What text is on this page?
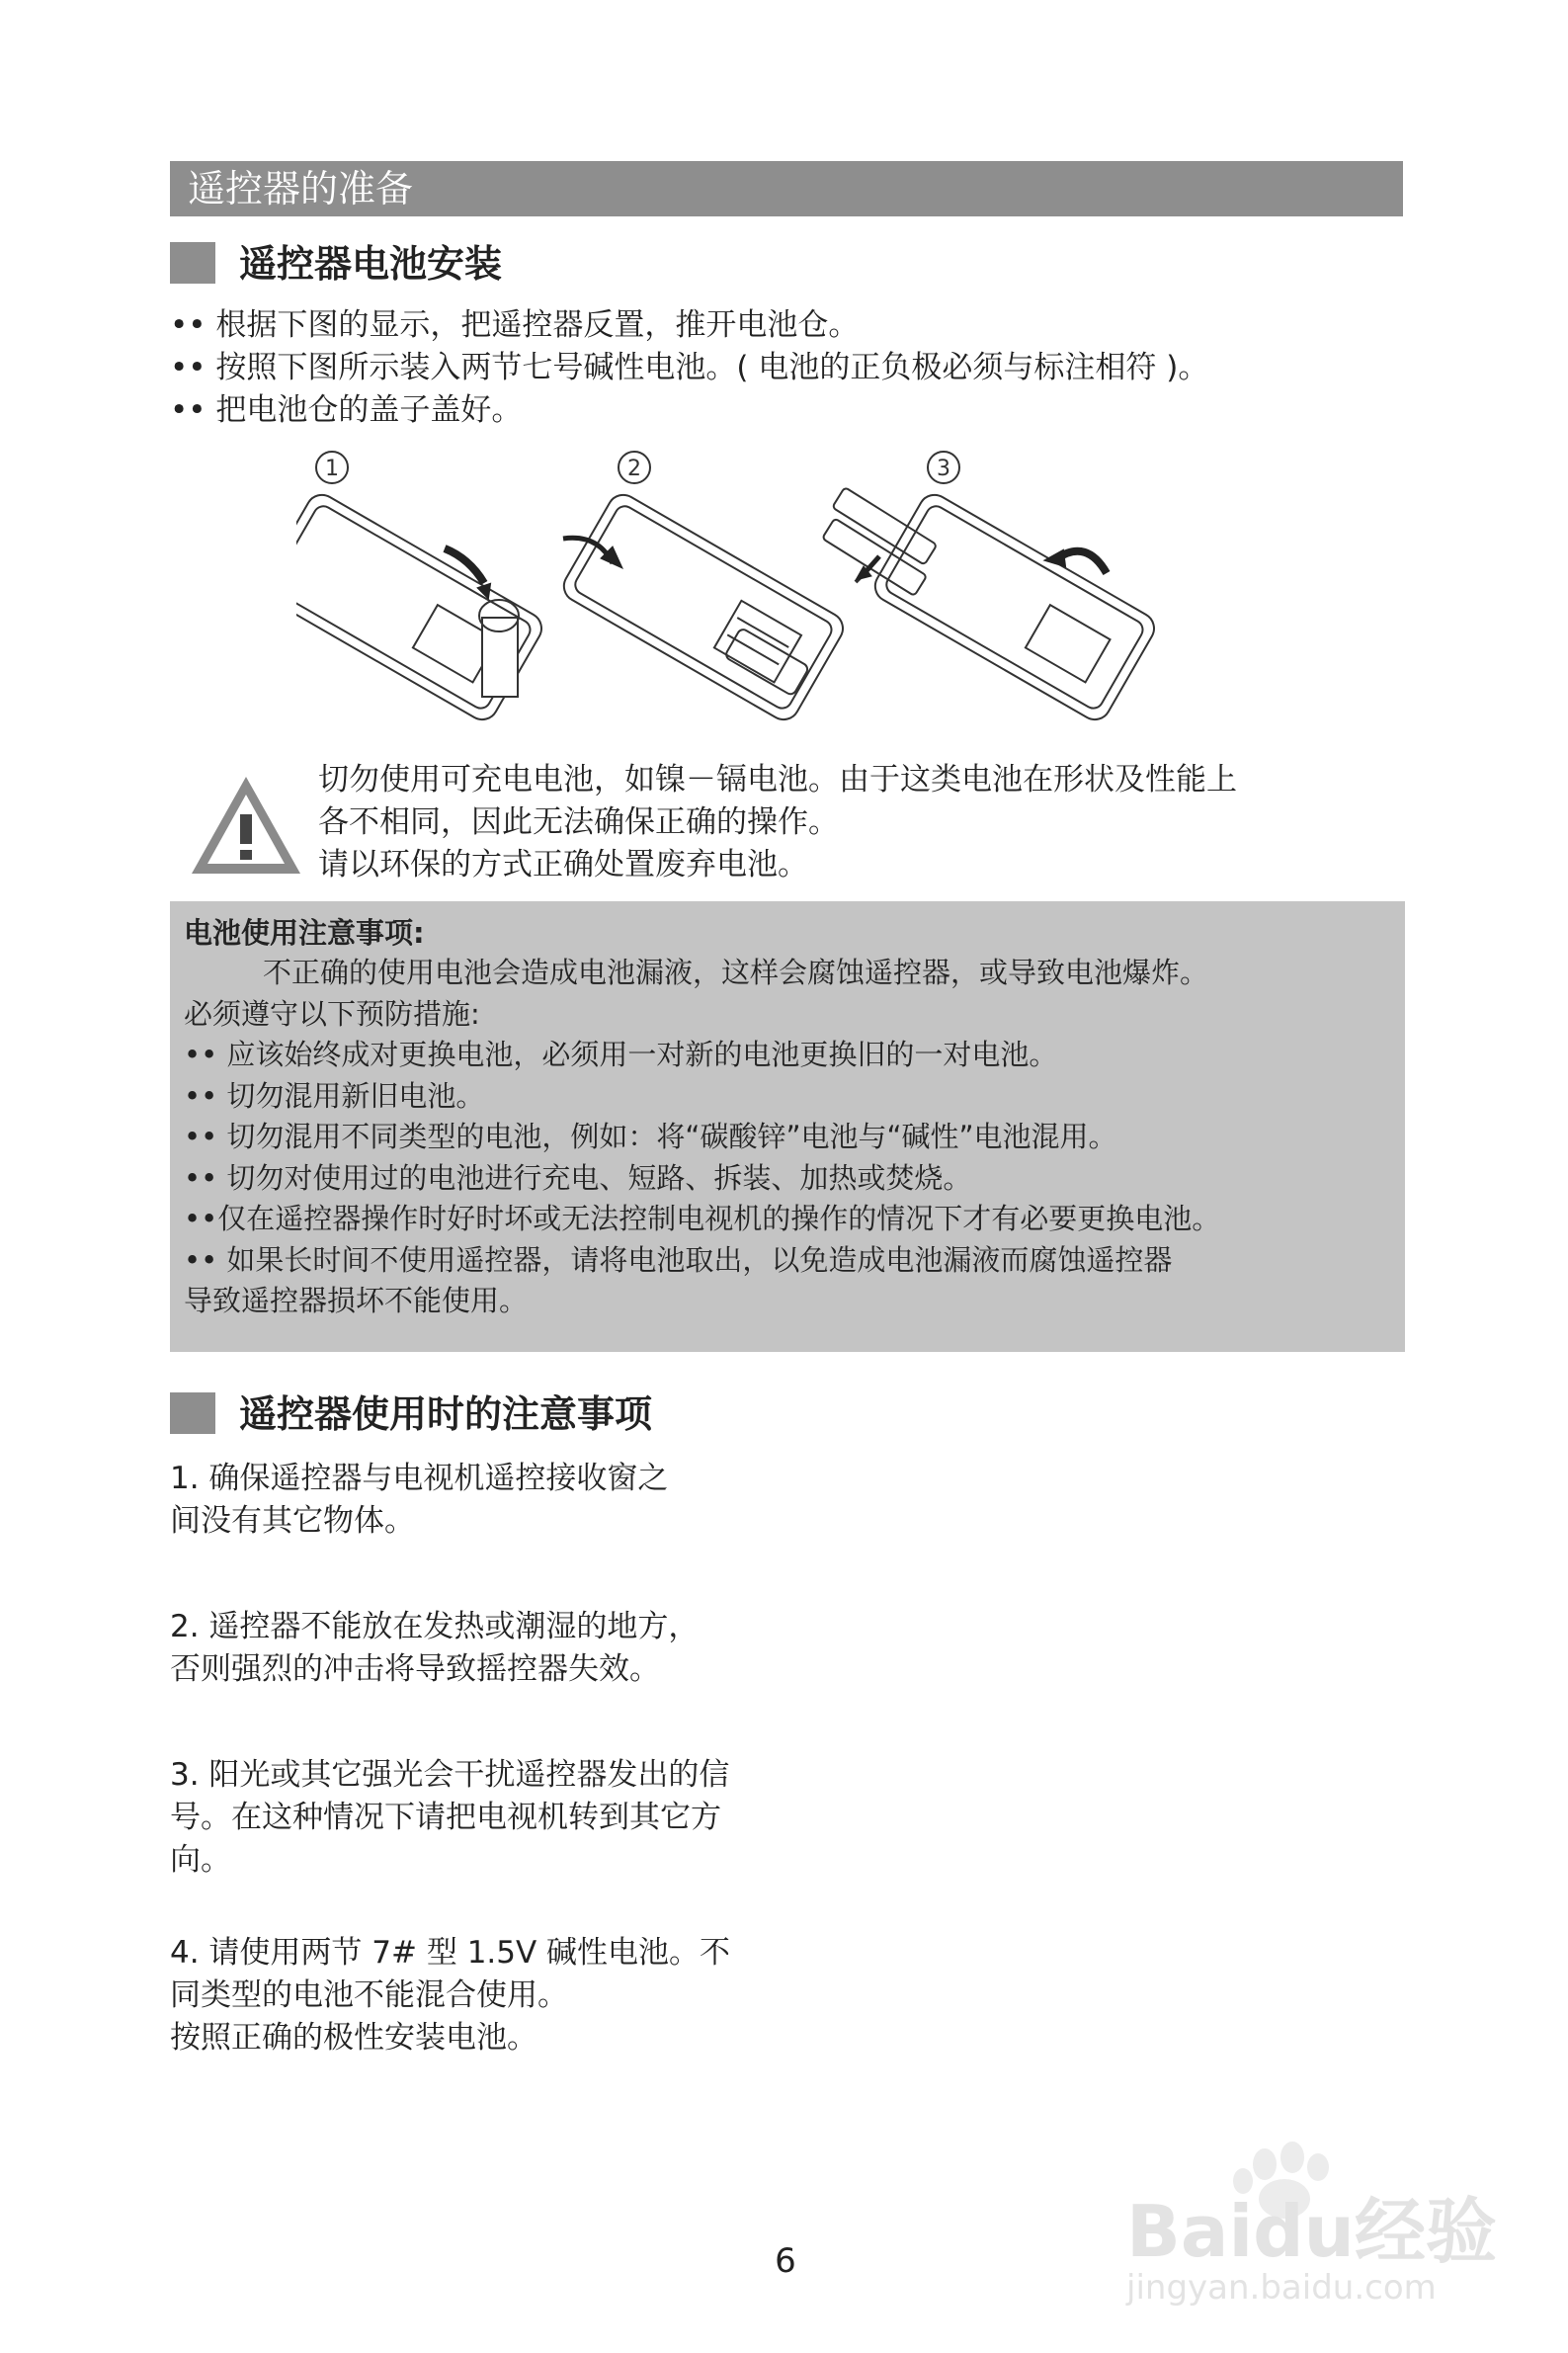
遥控器的准备
遥控器电池安装
•• 根据下图的显示，把遥控器反置，推开电池仓。
•• 按照下图所示装入两节七号碱性电池。( 电池的正负极必须与标注相符 )。
•• 把电池仓的盖子盖好。
1	2	3
切勿使用可充电电池，如镍－镉电池。由于这类电池在形状及性能上
各不相同，因此无法确保正确的操作。
请以环保的方式正确处置废弃电池。
电池使用注意事项:
不正确的使用电池会造成电池漏液，这样会腐蚀遥控器，或导致电池爆炸。
必须遵守以下预防措施:
•• 应该始终成对更换电池，必须用一对新的电池更换旧的一对电池。
•• 切勿混用新旧电池。
•• 切勿混用不同类型的电池，例如：将“碳酸锌”电池与“碱性”电池混用。
•• 切勿对使用过的电池进行充电、短路、拆装、加热或焚烧。
••仅在遥控器操作时好时坏或无法控制电视机的操作的情况下才有必要更换电池。
•• 如果长时间不使用遥控器，请将电池取出，以免造成电池漏液而腐蚀遥控器
导致遥控器损坏不能使用。
遥控器使用时的注意事项
1. 确保遥控器与电视机遥控接收窗之
间没有其它物体。
2. 遥控器不能放在发热或潮湿的地方，
否则强烈的冲击将导致摇控器失效。
3. 阳光或其它强光会干扰遥控器发出的信
号。在这种情况下请把电视机转到其它方
向。
4. 请使用两节 7# 型 1.5V 碱性电池。不
同类型的电池不能混合使用。
按照正确的极性安装电池。
Baidu经验
jingyan.baidu.com
6
